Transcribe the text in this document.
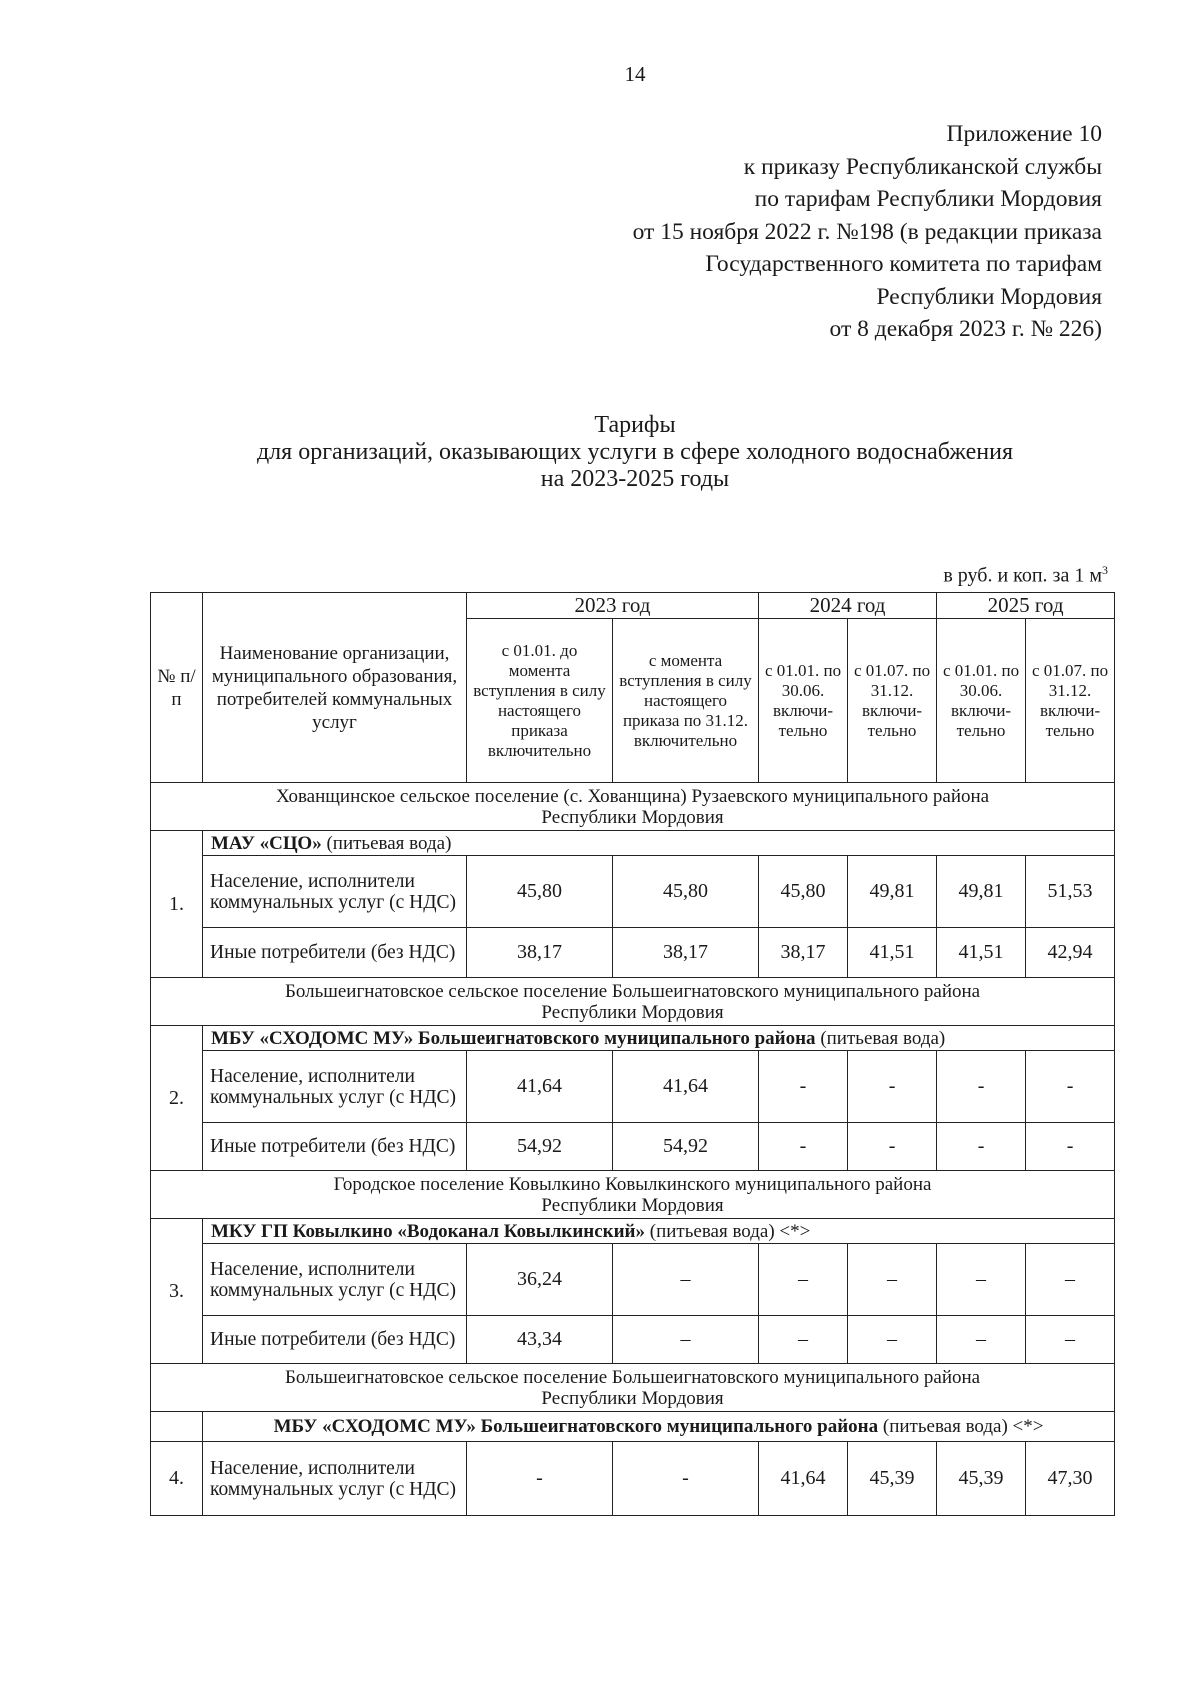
14
Приложение 10
к приказу Республиканской службы
по тарифам Республики Мордовия
от 15 ноября 2022 г. №198 (в редакции приказа
Государственного комитета по тарифам
Республики Мордовия
от 8 декабря 2023 г. № 226)
Тарифы
для организаций, оказывающих услуги в сфере холодного водоснабжения
на 2023-2025 годы
в руб. и коп. за 1 $м^3$
№ п/п	Наименование организации, муниципального образования, потребителей коммунальных услуг	2023 год		2024 год		2025 год	
		с 01.01. до момента вступления в силу настоящего приказа включительно	с момента вступления в силу настоящего приказа по 31.12. включительно	с 01.01. по 30.06. включи-тельно	с 01.07. по 31.12. включи-тельно	с 01.01. по 30.06. включи-тельно	с 01.07. по 31.12. включи-тельно

Хованщинское сельское поселение (с. Хованщина) Рузаевского муниципального района
Республики Мордовия							

1.	МАУ «СЦО» (питьевая вода)						
	Население, исполнители коммунальных услуг (с НДС)	45,80	45,80	45,80	49,81	49,81	51,53
	Иные потребители (без НДС)	38,17	38,17	38,17	41,51	41,51	42,94

Большеигнатовское сельское поселение Большеигнатовского муниципального района
Республики Мордовия							

2.	МБУ «СХОДОМС МУ» Большеигнатовского муниципального района (питьевая вода)						
	Население, исполнители коммунальных услуг (с НДС)	41,64	41,64	-	-	-	-
	Иные потребители (без НДС)	54,92	54,92	-	-	-	-

Городское поселение Ковылкино Ковылкинского муниципального района
Республики Мордовия							

3.	МКУ ГП Ковылкино «Водоканал Ковылкинский» (питьевая вода) <*>						
	Население, исполнители коммунальных услуг (с НДС)	36,24	–	–	–	–	–
	Иные потребители (без НДС)	43,34	–	–	–	–	–

Большеигнатовское сельское поселение Большеигнатовского муниципального района
Республики Мордовия							

	МБУ «СХОДОМС МУ» Большеигнатовского муниципального района (питьевая вода) <*>						
4.	Население, исполнители коммунальных услуг (с НДС)	-	-	41,64	45,39	45,39	47,30
